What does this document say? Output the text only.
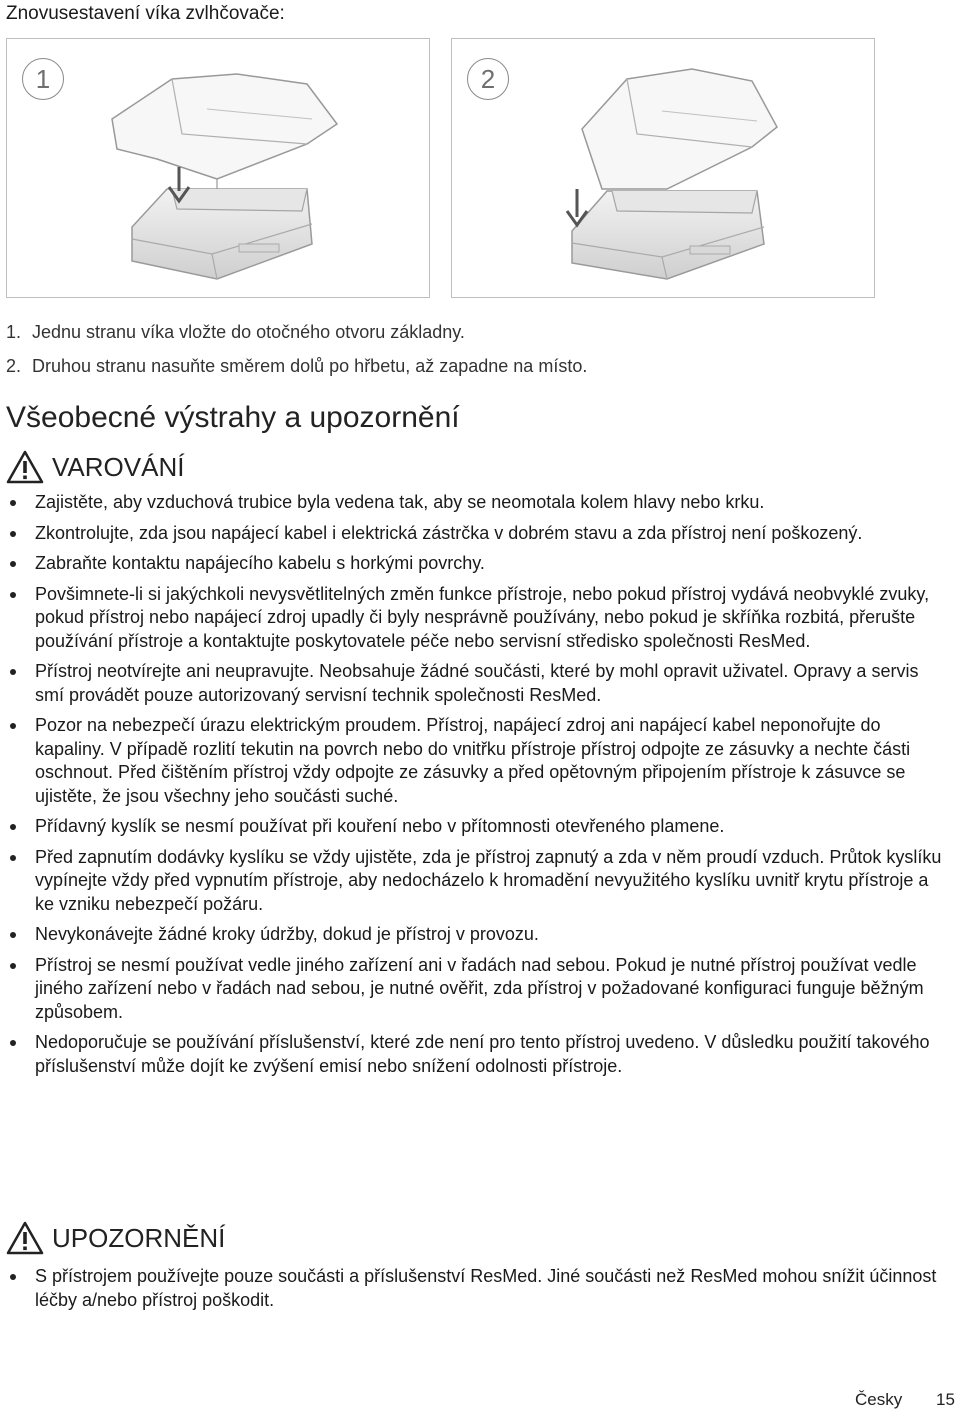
Znovusestavení víka zvlhčovače:
1	2
1. Jednu stranu víka vložte do otočného otvoru základny.
2. Druhou stranu nasuňte směrem dolů po hřbetu, až zapadne na místo.
Všeobecné výstrahy a upozornění
VAROVÁNÍ
Zajistěte, aby vzduchová trubice byla vedena tak, aby se neomotala kolem hlavy nebo krku.
Zkontrolujte, zda jsou napájecí kabel i elektrická zástrčka v dobrém stavu a zda přístroj není poškozený.
Zabraňte kontaktu napájecího kabelu s horkými povrchy.
Povšimnete-li si jakýchkoli nevysvětlitelných změn funkce přístroje, nebo pokud přístroj vydává neobvyklé zvuky, pokud přístroj nebo napájecí zdroj upadly či byly nesprávně používány, nebo pokud je skříňka rozbitá, přerušte používání přístroje a kontaktujte poskytovatele péče nebo servisní středisko společnosti ResMed.
Přístroj neotvírejte ani neupravujte. Neobsahuje žádné součásti, které by mohl opravit uživatel. Opravy a servis smí provádět pouze autorizovaný servisní technik společnosti ResMed.
Pozor na nebezpečí úrazu elektrickým proudem. Přístroj, napájecí zdroj ani napájecí kabel neponořujte do kapaliny. V případě rozlití tekutin na povrch nebo do vnitřku přístroje přístroj odpojte ze zásuvky a nechte části oschnout. Před čištěním přístroj vždy odpojte ze zásuvky a před opětovným připojením přístroje k zásuvce se ujistěte, že jsou všechny jeho součásti suché.
Přídavný kyslík se nesmí používat při kouření nebo v přítomnosti otevřeného plamene.
Před zapnutím dodávky kyslíku se vždy ujistěte, zda je přístroj zapnutý a zda v něm proudí vzduch. Průtok kyslíku vypínejte vždy před vypnutím přístroje, aby nedocházelo k hromadění nevyužitého kyslíku uvnitř krytu přístroje a ke vzniku nebezpečí požáru.
Nevykonávejte žádné kroky údržby, dokud je přístroj v provozu.
Přístroj se nesmí používat vedle jiného zařízení ani v řadách nad sebou. Pokud je nutné přístroj používat vedle jiného zařízení nebo v řadách nad sebou, je nutné ověřit, zda přístroj v požadované konfiguraci funguje běžným způsobem.
Nedoporučuje se používání příslušenství, které zde není pro tento přístroj uvedeno. V důsledku použití takového příslušenství může dojít ke zvýšení emisí nebo snížení odolnosti přístroje.
UPOZORNĚNÍ
S přístrojem používejte pouze součásti a příslušenství ResMed. Jiné součásti než ResMed mohou snížit účinnost léčby a/nebo přístroj poškodit.
Česky 15
